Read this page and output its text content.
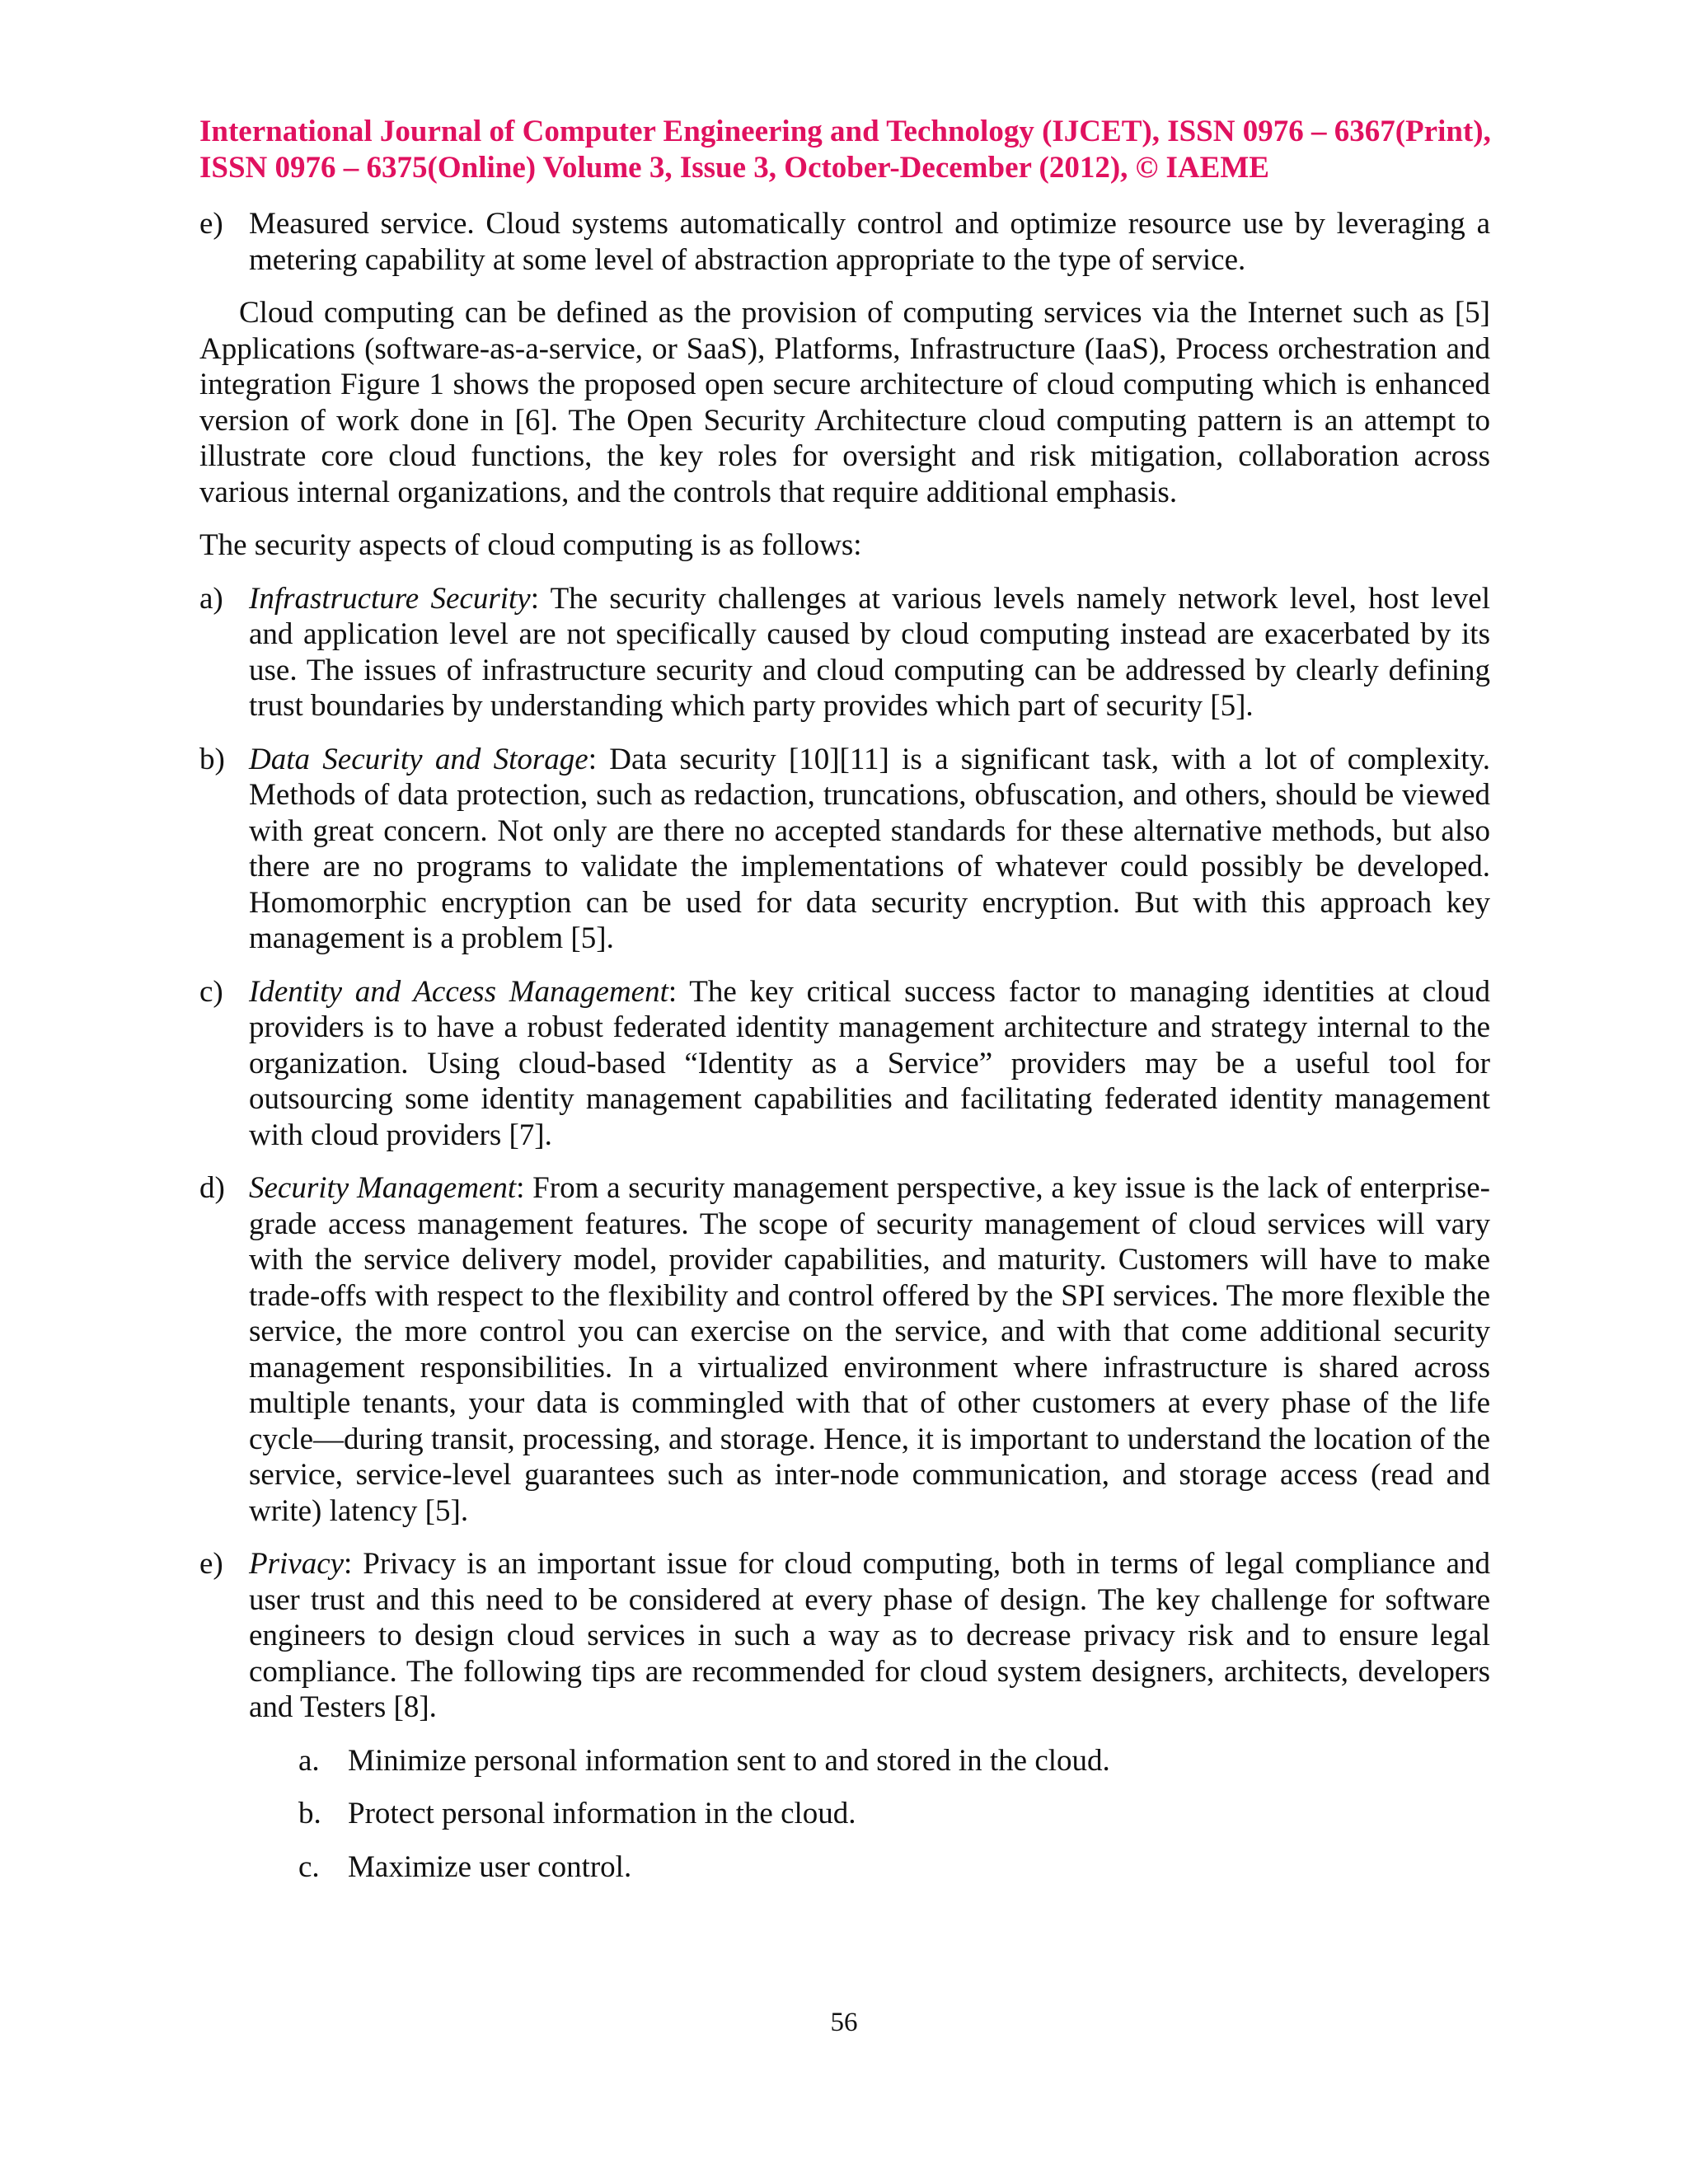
International Journal of Computer Engineering and Technology (IJCET), ISSN 0976 – 6367(Print),
ISSN 0976 – 6375(Online) Volume 3, Issue 3, October-December (2012), © IAEME
e) Measured service. Cloud systems automatically control and optimize resource use by leveraging a metering capability at some level of abstraction appropriate to the type of service.
Cloud computing can be defined as the provision of computing services via the Internet such as [5] Applications (software-as-a-service, or SaaS), Platforms, Infrastructure (IaaS), Process orchestration and integration Figure 1 shows the proposed open secure architecture of cloud computing which is enhanced version of work done in [6]. The Open Security Architecture cloud computing pattern is an attempt to illustrate core cloud functions, the key roles for oversight and risk mitigation, collaboration across various internal organizations, and the controls that require additional emphasis.
The security aspects of cloud computing is as follows:
a) Infrastructure Security: The security challenges at various levels namely network level, host level and application level are not specifically caused by cloud computing instead are exacerbated by its use. The issues of infrastructure security and cloud computing can be addressed by clearly defining trust boundaries by understanding which party provides which part of security [5].
b) Data Security and Storage: Data security [10][11] is a significant task, with a lot of complexity. Methods of data protection, such as redaction, truncations, obfuscation, and others, should be viewed with great concern. Not only are there no accepted standards for these alternative methods, but also there are no programs to validate the implementations of whatever could possibly be developed. Homomorphic encryption can be used for data security encryption. But with this approach key management is a problem [5].
c) Identity and Access Management: The key critical success factor to managing identities at cloud providers is to have a robust federated identity management architecture and strategy internal to the organization. Using cloud-based “Identity as a Service” providers may be a useful tool for outsourcing some identity management capabilities and facilitating federated identity management with cloud providers [7].
d) Security Management: From a security management perspective, a key issue is the lack of enterprise-grade access management features. The scope of security management of cloud services will vary with the service delivery model, provider capabilities, and maturity. Customers will have to make trade-offs with respect to the flexibility and control offered by the SPI services. The more flexible the service, the more control you can exercise on the service, and with that come additional security management responsibilities. In a virtualized environment where infrastructure is shared across multiple tenants, your data is commingled with that of other customers at every phase of the life cycle—during transit, processing, and storage. Hence, it is important to understand the location of the service, service-level guarantees such as inter-node communication, and storage access (read and write) latency [5].
e) Privacy: Privacy is an important issue for cloud computing, both in terms of legal compliance and user trust and this need to be considered at every phase of design. The key challenge for software engineers to design cloud services in such a way as to decrease privacy risk and to ensure legal compliance. The following tips are recommended for cloud system designers, architects, developers and Testers [8].
a. Minimize personal information sent to and stored in the cloud.
b. Protect personal information in the cloud.
c. Maximize user control.
56
